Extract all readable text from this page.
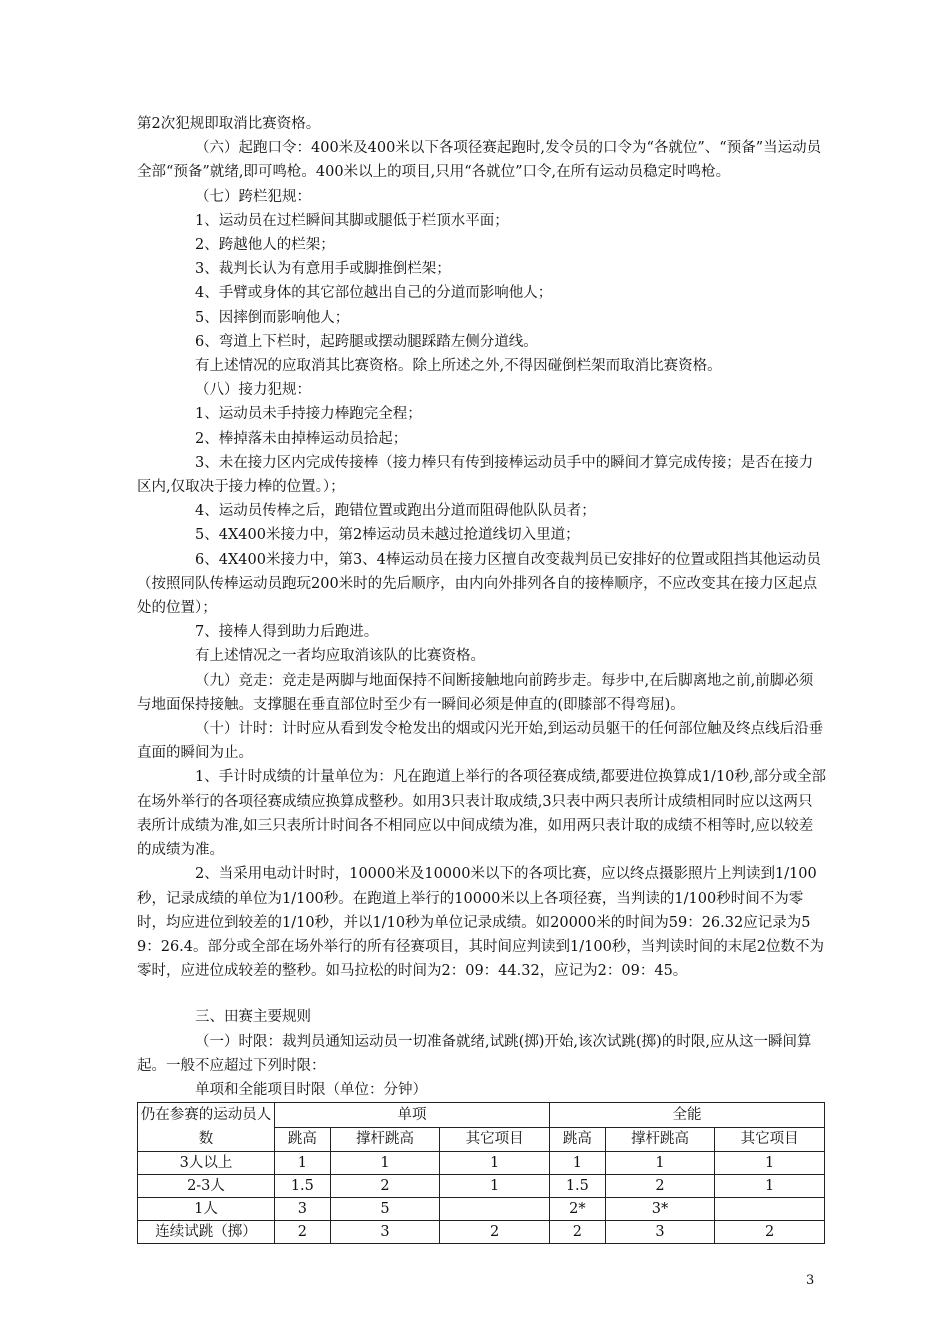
第2次犯规即取消比赛资格。
（六）起跑口令：400米及400米以下各项径赛起跑时,发令员的口令为“各就位”、“预备”当运动员全部“预备”就绪,即可鸣枪。400米以上的项目,只用“各就位”口令,在所有运动员稳定时鸣枪。
（七）跨栏犯规：
1、运动员在过栏瞬间其脚或腿低于栏顶水平面；
2、跨越他人的栏架；
3、裁判长认为有意用手或脚推倒栏架；
4、手臂或身体的其它部位越出自己的分道而影响他人；
5、因摔倒而影响他人；
6、弯道上下栏时，起跨腿或摆动腿踩踏左侧分道线。
有上述情况的应取消其比赛资格。除上所述之外,不得因碰倒栏架而取消比赛资格。
（八）接力犯规：
1、运动员未手持接力棒跑完全程；
2、棒掉落未由掉棒运动员拾起；
3、未在接力区内完成传接棒（接力棒只有传到接棒运动员手中的瞬间才算完成传接；是否在接力区内,仅取决于接力棒的位置。）；
4、运动员传棒之后，跑错位置或跑出分道而阻碍他队队员者；
5、4X400米接力中，第2棒运动员未越过抢道线切入里道；
6、4X400米接力中，第3、4棒运动员在接力区擅自改变裁判员已安排好的位置或阻挡其他运动员（按照同队传棒运动员跑玩200米时的先后顺序，由内向外排列各自的接棒顺序，不应改变其在接力区起点处的位置）；
7、接棒人得到助力后跑进。
有上述情况之一者均应取消该队的比赛资格。
（九）竞走：竞走是两脚与地面保持不间断接触地向前跨步走。每步中,在后脚离地之前,前脚必须与地面保持接触。支撑腿在垂直部位时至少有一瞬间必须是伸直的(即膝部不得弯屈)。
（十）计时：计时应从看到发令枪发出的烟或闪光开始,到运动员躯干的任何部位触及终点线后沿垂直面的瞬间为止。
1、手计时成绩的计量单位为：凡在跑道上举行的各项径赛成绩,都要进位换算成1/10秒,部分或全部在场外举行的各项径赛成绩应换算成整秒。如用3只表计取成绩,3只表中两只表所计成绩相同时应以这两只表所计成绩为准,如三只表所计时间各不相同应以中间成绩为准，如用两只表计取的成绩不相等时,应以较差的成绩为准。
2、当采用电动计时时，10000米及10000米以下的各项比赛，应以终点摄影照片上判读到1/100秒，记录成绩的单位为1/100秒。在跑道上举行的10000米以上各项径赛，当判读的1/100秒时间不为零时，均应进位到较差的1/10秒，并以1/10秒为单位记录成绩。如20000米的时间为59：26.32应记录为59：26.4。部分或全部在场外举行的所有径赛项目，其时间应判读到1/100秒，当判读时间的末尾2位数不为零时，应进位成较差的整秒。如马拉松的时间为2：09：44.32，应记为2：09：45。
三、田赛主要规则
（一）时限：裁判员通知运动员一切准备就绪,试跳(掷)开始,该次试跳(掷)的时限,应从这一瞬间算起。一般不应超过下列时限：
单项和全能项目时限（单位：分钟）
仍在参赛的运动员人数	单项			全能		
	跳高	撑杆跳高	其它项目	跳高	撑杆跳高	其它项目
3人以上	1	1	1	1	1	1
2-3人	1.5	2	1	1.5	2	1
1人	3	5		2*	3*	
连续试跳（掷）	2	3	2	2	3	2
3
